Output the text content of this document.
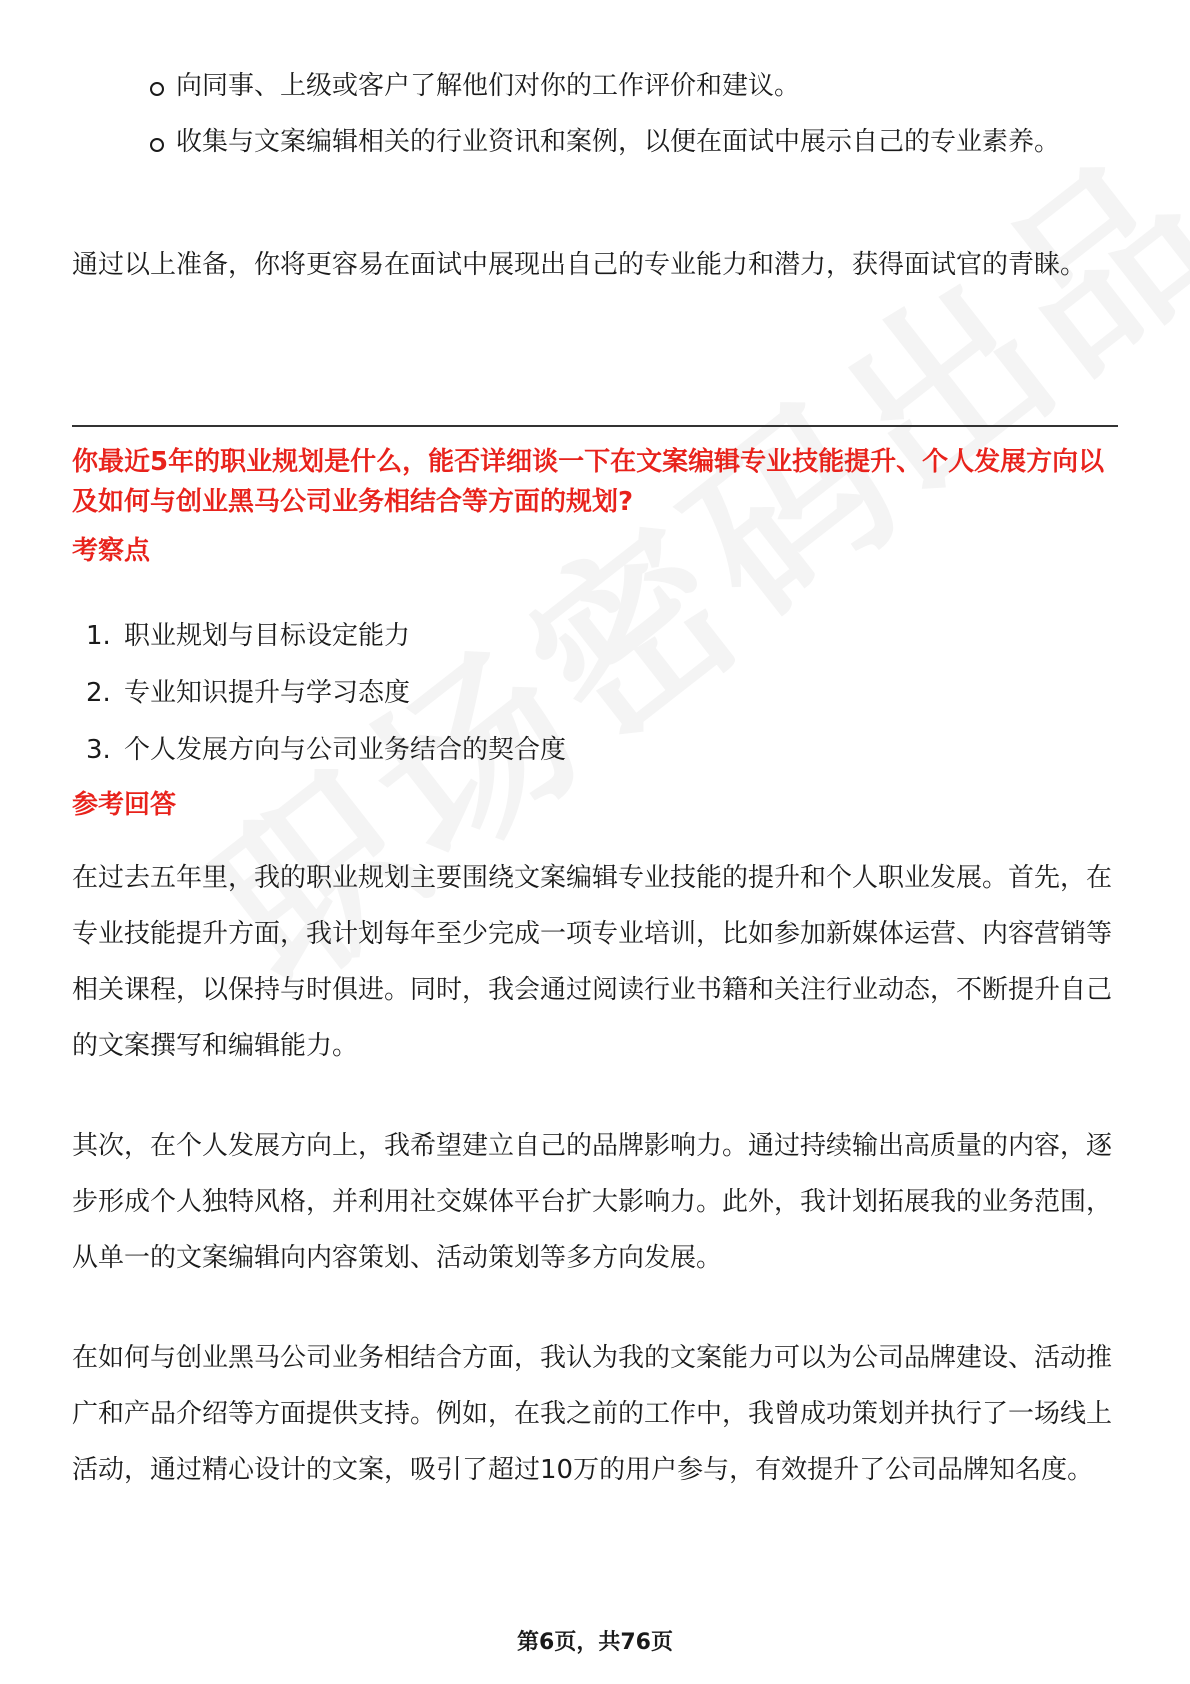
向同事、上级或客户了解他们对你的工作评价和建议。
收集与文案编辑相关的行业资讯和案例，以便在面试中展示自己的专业素养。
通过以上准备，你将更容易在面试中展现出自己的专业能力和潜力，获得面试官的青睐。
你最近5年的职业规划是什么，能否详细谈一下在文案编辑专业技能提升、个人发展方向以及如何与创业黑马公司业务相结合等方面的规划?
考察点
1. 职业规划与目标设定能力
2. 专业知识提升与学习态度
3. 个人发展方向与公司业务结合的契合度
参考回答
在过去五年里，我的职业规划主要围绕文案编辑专业技能的提升和个人职业发展。首先，在专业技能提升方面，我计划每年至少完成一项专业培训，比如参加新媒体运营、内容营销等相关课程，以保持与时俱进。同时，我会通过阅读行业书籍和关注行业动态，不断提升自己的文案撰写和编辑能力。
其次，在个人发展方向上，我希望建立自己的品牌影响力。通过持续输出高质量的内容，逐步形成个人独特风格，并利用社交媒体平台扩大影响力。此外，我计划拓展我的业务范围，从单一的文案编辑向内容策划、活动策划等多方向发展。
在如何与创业黑马公司业务相结合方面，我认为我的文案能力可以为公司品牌建设、活动推广和产品介绍等方面提供支持。例如，在我之前的工作中，我曾成功策划并执行了一场线上活动，通过精心设计的文案，吸引了超过10万的用户参与，有效提升了公司品牌知名度。
第6页，共76页
